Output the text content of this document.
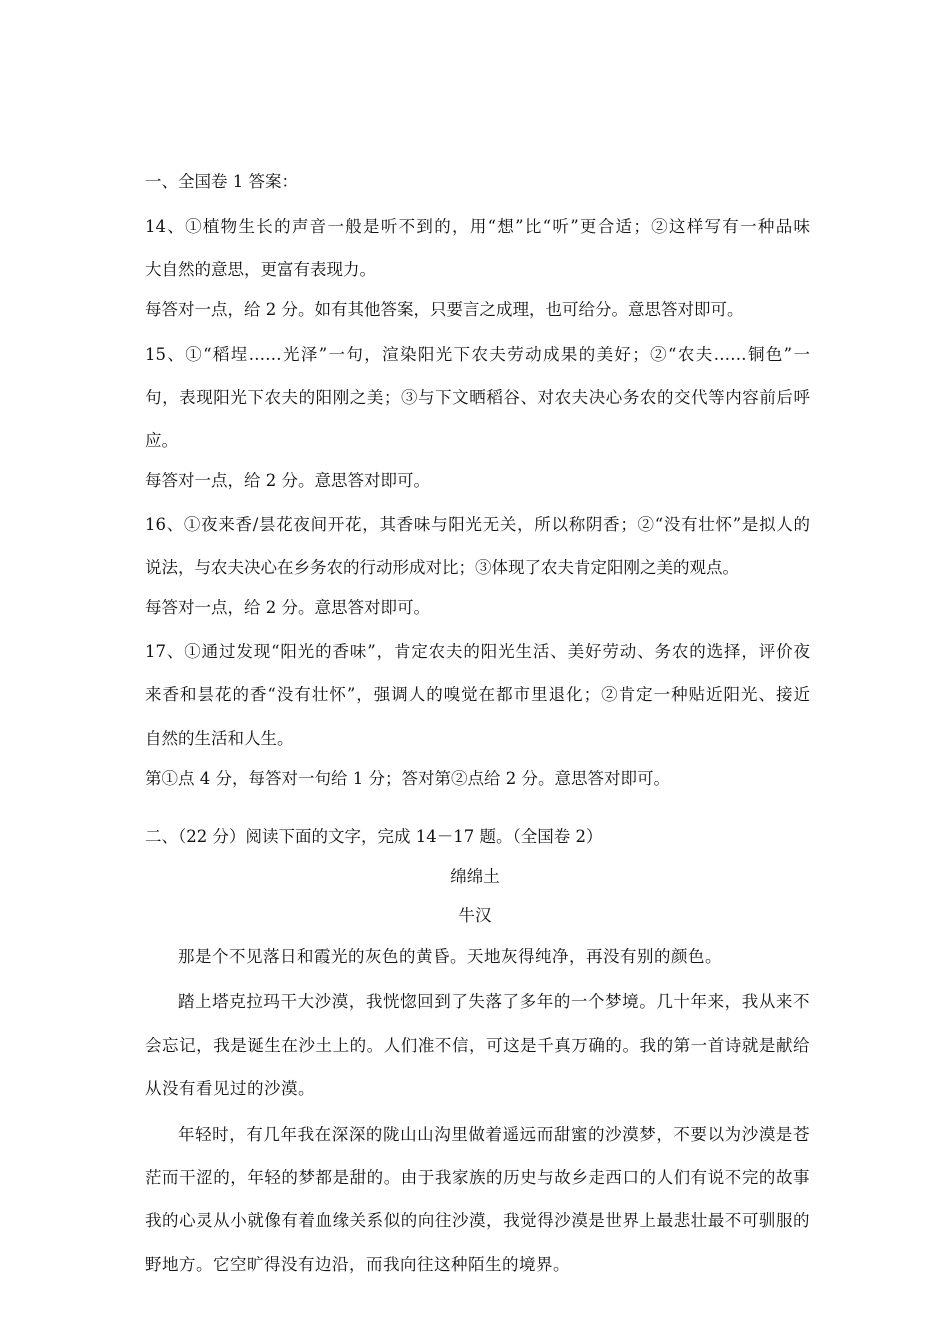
一、全国卷 1 答案：
14、①植物生长的声音一般是听不到的，用“想”比“听”更合适；②这样写有一种品味
大自然的意思，更富有表现力。
每答对一点，给 2 分。如有其他答案，只要言之成理，也可给分。意思答对即可。
15、①“稻埕……光泽”一句，渲染阳光下农夫劳动成果的美好；②“农夫……铜色”一
句，表现阳光下农夫的阳刚之美；③与下文晒稻谷、对农夫决心务农的交代等内容前后呼
应。
每答对一点，给 2 分。意思答对即可。
16、①夜来香/昙花夜间开花，其香味与阳光无关，所以称阴香；②“没有壮怀”是拟人的
说法，与农夫决心在乡务农的行动形成对比；③体现了农夫肯定阳刚之美的观点。
每答对一点，给 2 分。意思答对即可。
17、①通过发现“阳光的香味”，肯定农夫的阳光生活、美好劳动、务农的选择，评价夜
来香和昙花的香“没有壮怀”，强调人的嗅觉在都市里退化；②肯定一种贴近阳光、接近
自然的生活和人生。
第①点 4 分，每答对一句给 1 分；答对第②点给 2 分。意思答对即可。
二、（22 分）阅读下面的文字，完成 14－17 题。（全国卷 2）
绵绵土
牛汉
那是个不见落日和霞光的灰色的黄昏。天地灰得纯净，再没有别的颜色。
踏上塔克拉玛干大沙漠，我恍惚回到了失落了多年的一个梦境。几十年来，我从来不
会忘记，我是诞生在沙土上的。人们准不信，可这是千真万确的。我的第一首诗就是献给
从没有看见过的沙漠。
年轻时，有几年我在深深的陇山山沟里做着遥远而甜蜜的沙漠梦，不要以为沙漠是苍
茫而干涩的，年轻的梦都是甜的。由于我家族的历史与故乡走西口的人们有说不完的故事
我的心灵从小就像有着血缘关系似的向往沙漠，我觉得沙漠是世界上最悲壮最不可驯服的
野地方。它空旷得没有边沿，而我向往这种陌生的境界。
